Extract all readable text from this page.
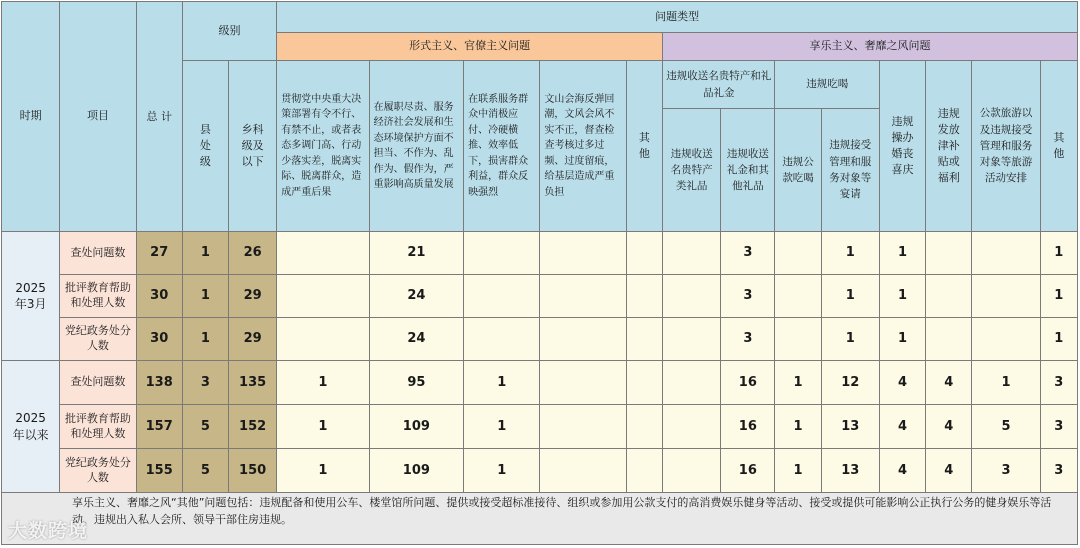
时期	项目	总 计	级别		问题类型												
					形式主义、官僚主义问题					享乐主义、奢靡之风问题							

			县处级	乡科级及以下	贯彻党中央重大决策部署有令不行、有禁不止，或者表态多调门高、行动少落实差，脱离实际、脱离群众，造成严重后果	在履职尽责、服务经济社会发展和生态环境保护方面不担当、不作为、乱作为、假作为，严重影响高质量发展	在联系服务群众中消极应付、冷硬横推、效率低下，损害群众利益，群众反映强烈	文山会海反弹回潮，文风会风不实不正，督查检查考核过多过频、过度留痕，给基层造成严重负担	其他	违规收送名贵特产和礼品礼金		违规吃喝		违规操办婚丧喜庆	违规发放津补贴或福利	公款旅游以及违规接受管理和服务对象等旅游活动安排	其他

										违规收送名贵特产类礼品	违规收送礼金和其他礼品	违规公款吃喝	违规接受管理和服务对象等宴请				
2025年3月	查处问题数	27	1	26		21					3		1	1			1
	批评教育帮助和处理人数	30	1	29		24					3		1	1			1
	党纪政务处分人数	30	1	29		24					3		1	1			1
2025年以来	查处问题数	138	3	135	1	95	1				16	1	12	4	4	1	3
	批评教育帮助和处理人数	157	5	152	1	109	1				16	1	13	4	4	5	3
	党纪政务处分人数	155	5	150	1	109	1				16	1	13	4	4	3	3
享乐主义、奢靡之风“其他”问题包括：违规配备和使用公车、楼堂馆所问题、提供或接受超标准接待、组织或参加用公款支付的高消费娱乐健身等活动、接受或提供可能影响公正执行公务的健身娱乐等活动、违规出入私人会所、领导干部住房违规。																	
大数跨境
